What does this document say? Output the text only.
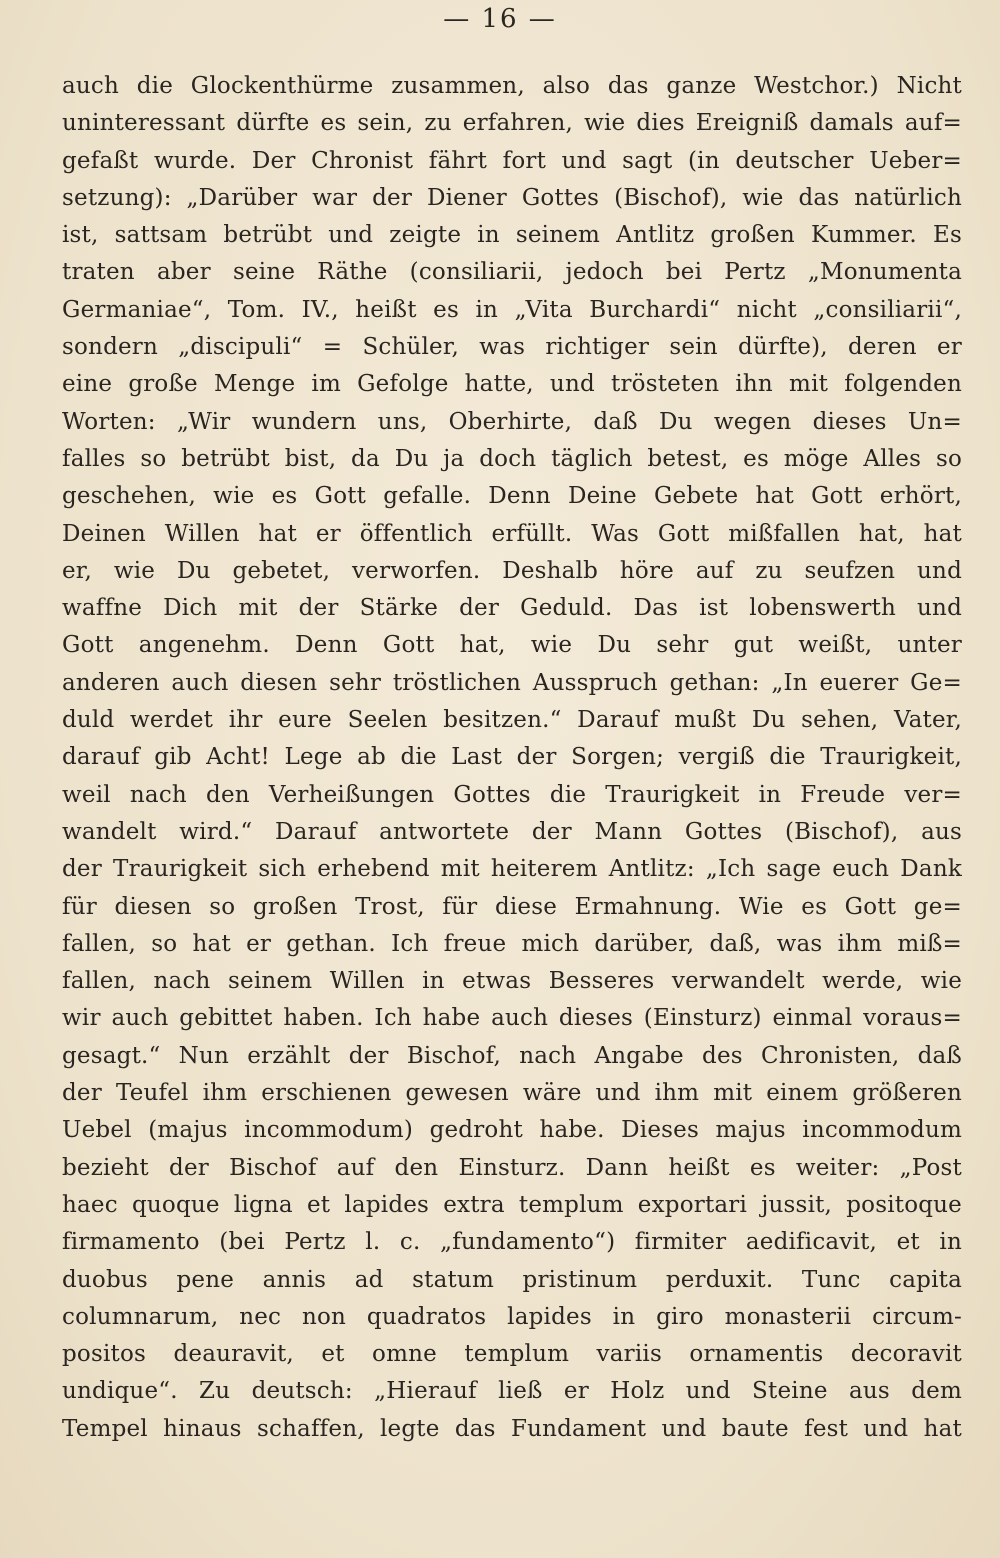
— 16 —
auch die Glockenthürme zusammen, also das ganze Westchor.) Nicht
uninteressant dürfte es sein, zu erfahren, wie dies Ereigniß damals auf=
gefaßt wurde. Der Chronist fährt fort und sagt (in deutscher Ueber=
setzung): „Darüber war der Diener Gottes (Bischof), wie das natürlich
ist, sattsam betrübt und zeigte in seinem Antlitz großen Kummer. Es
traten aber seine Räthe (consiliarii, jedoch bei Pertz „Monumenta
Germaniae“, Tom. IV., heißt es in „Vita Burchardi“ nicht „consiliarii“,
sondern „discipuli“ = Schüler, was richtiger sein dürfte), deren er
eine große Menge im Gefolge hatte, und trösteten ihn mit folgenden
Worten: „Wir wundern uns, Oberhirte, daß Du wegen dieses Un=
falles so betrübt bist, da Du ja doch täglich betest, es möge Alles so
geschehen, wie es Gott gefalle. Denn Deine Gebete hat Gott erhört,
Deinen Willen hat er öffentlich erfüllt. Was Gott mißfallen hat, hat
er, wie Du gebetet, verworfen. Deshalb höre auf zu seufzen und
waffne Dich mit der Stärke der Geduld. Das ist lobenswerth und
Gott angenehm. Denn Gott hat, wie Du sehr gut weißt, unter
anderen auch diesen sehr tröstlichen Ausspruch gethan: „In euerer Ge=
duld werdet ihr eure Seelen besitzen.“ Darauf mußt Du sehen, Vater,
darauf gib Acht! Lege ab die Last der Sorgen; vergiß die Traurigkeit,
weil nach den Verheißungen Gottes die Traurigkeit in Freude ver=
wandelt wird.“ Darauf antwortete der Mann Gottes (Bischof), aus
der Traurigkeit sich erhebend mit heiterem Antlitz: „Ich sage euch Dank
für diesen so großen Trost, für diese Ermahnung. Wie es Gott ge=
fallen, so hat er gethan. Ich freue mich darüber, daß, was ihm miß=
fallen, nach seinem Willen in etwas Besseres verwandelt werde, wie
wir auch gebittet haben. Ich habe auch dieses (Einsturz) einmal voraus=
gesagt.“ Nun erzählt der Bischof, nach Angabe des Chronisten, daß
der Teufel ihm erschienen gewesen wäre und ihm mit einem größeren
Uebel (majus incommodum) gedroht habe. Dieses majus incommodum
bezieht der Bischof auf den Einsturz. Dann heißt es weiter: „Post
haec quoque ligna et lapides extra templum exportari jussit, positoque
firmamento (bei Pertz l. c. „fundamento“) firmiter aedificavit, et in
duobus pene annis ad statum pristinum perduxit. Tunc capita
columnarum, nec non quadratos lapides in giro monasterii circum-
positos deauravit, et omne templum variis ornamentis decoravit
undique“. Zu deutsch: „Hierauf ließ er Holz und Steine aus dem
Tempel hinaus schaffen, legte das Fundament und baute fest und hat
